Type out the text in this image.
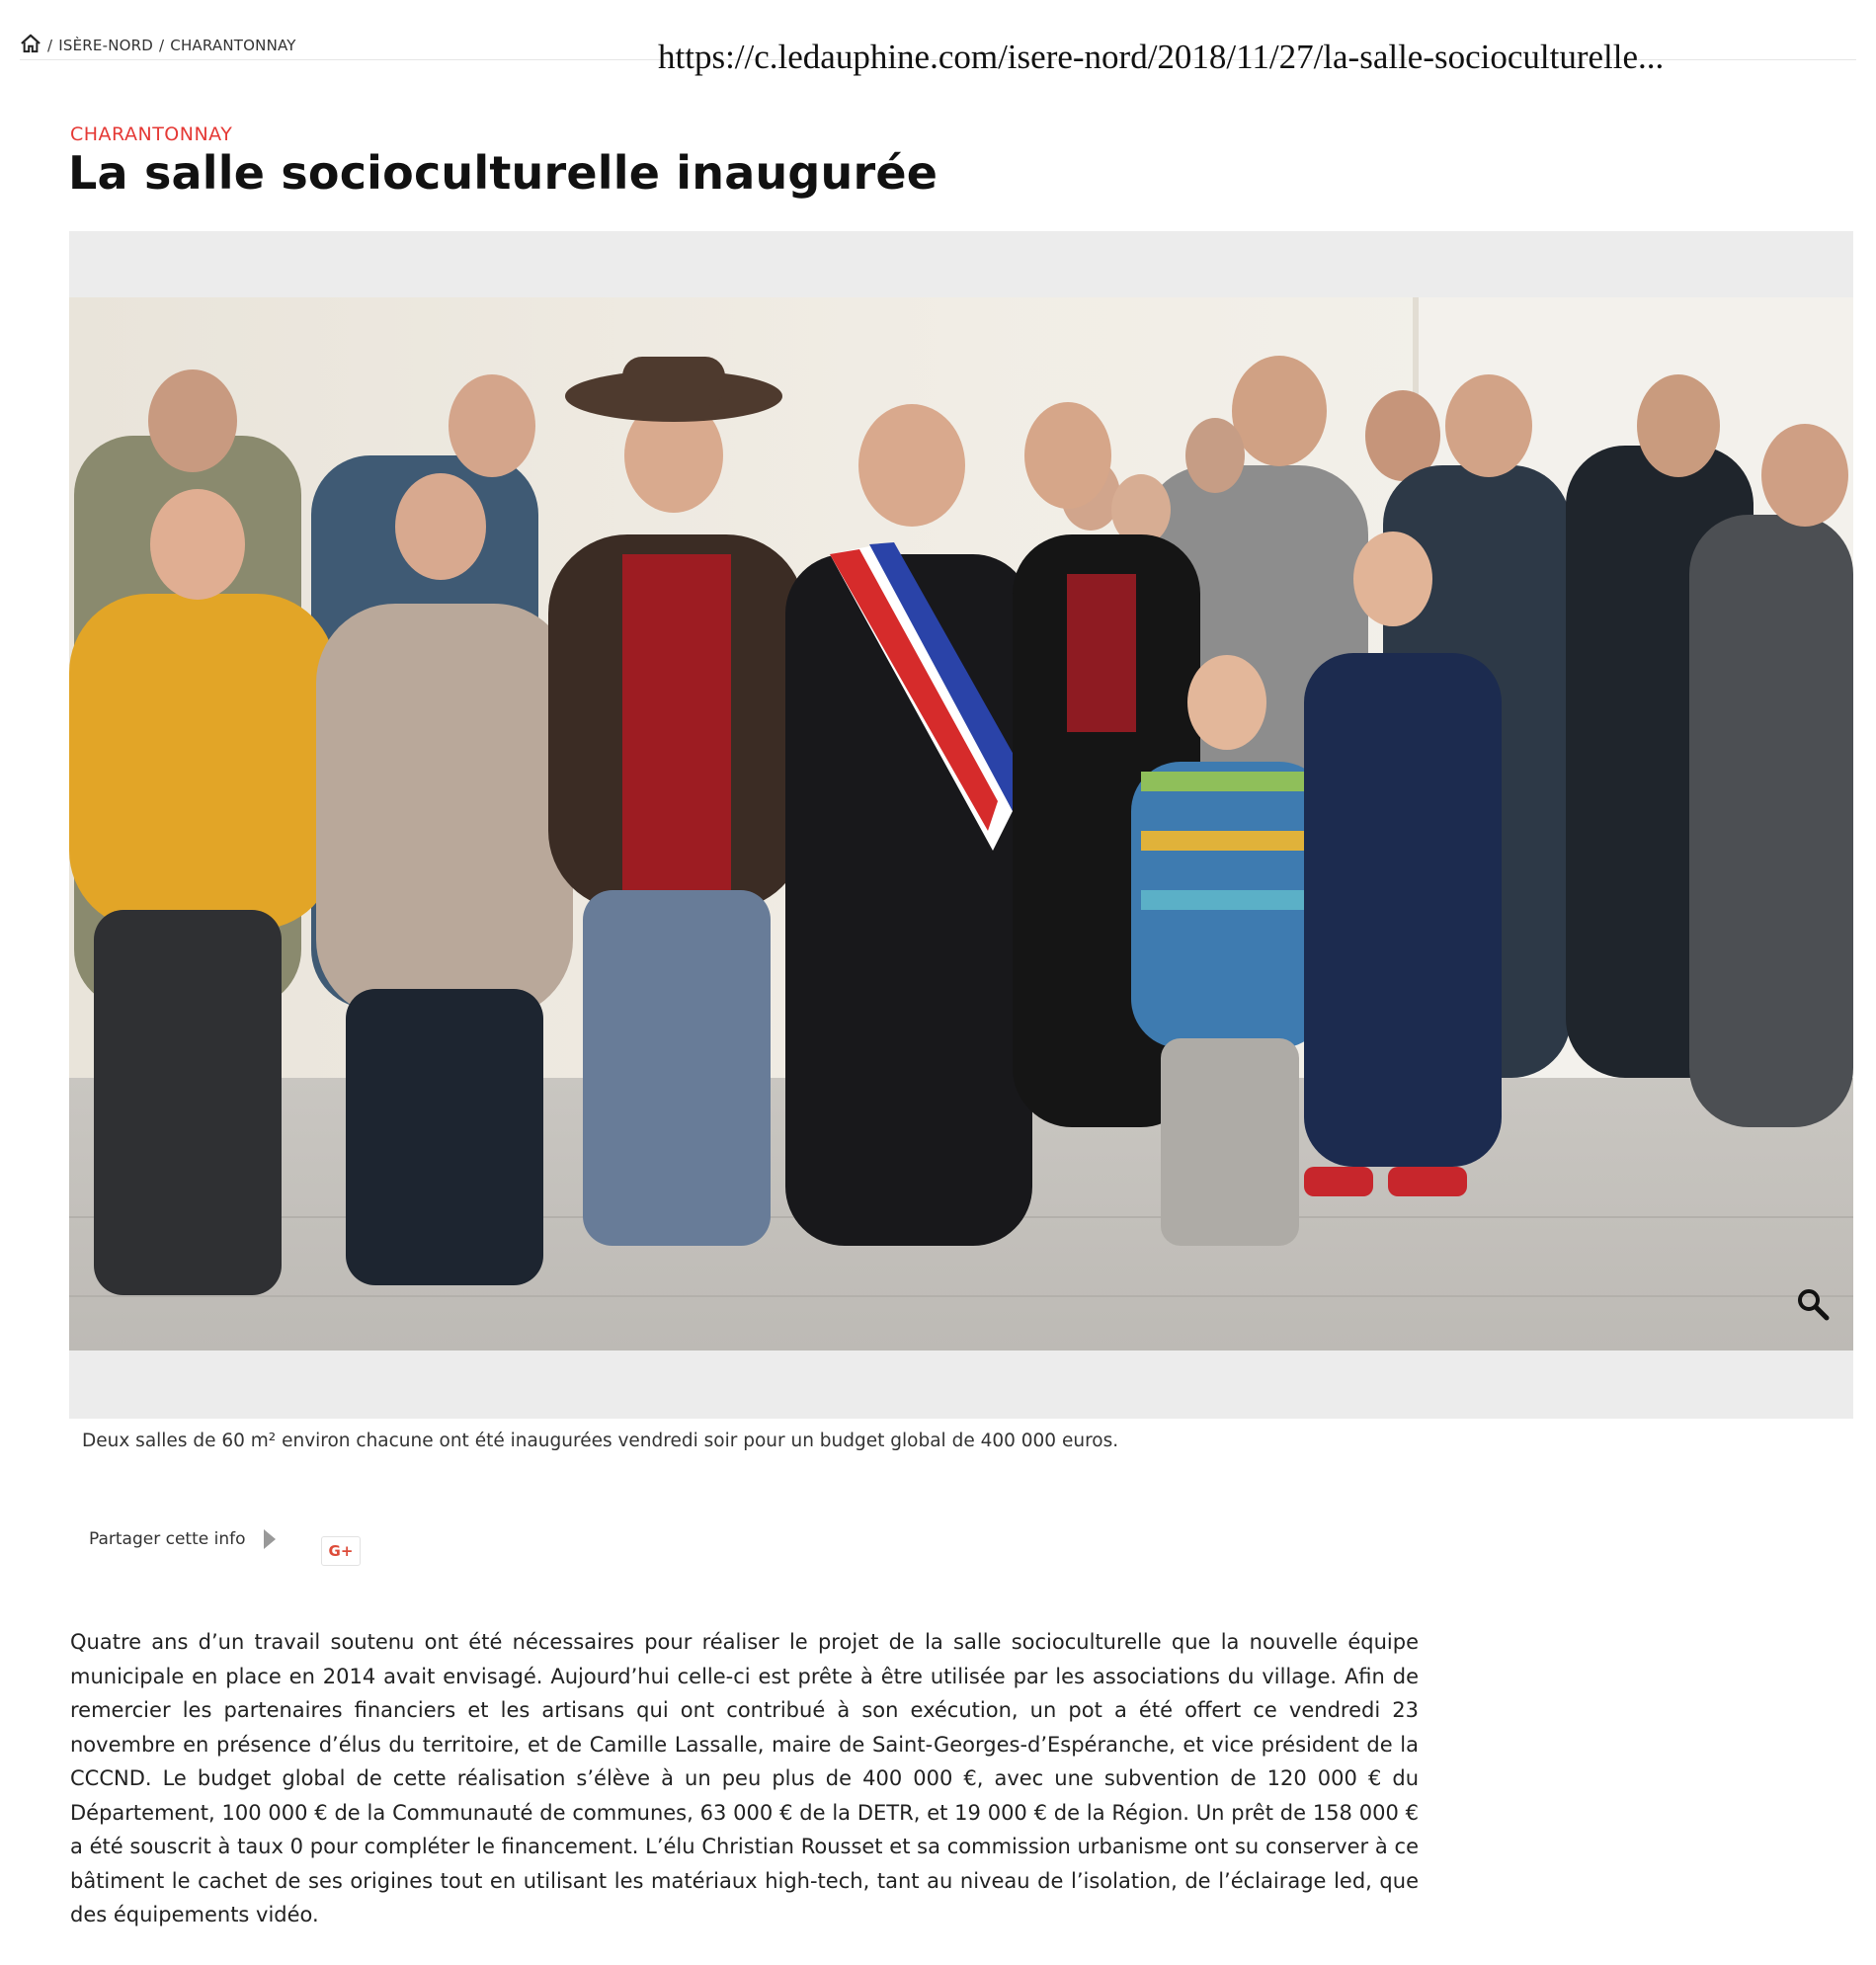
/ ISÈRE-NORD / CHARANTONNAY	https://c.ledauphine.com/isere-nord/2018/11/27/la-salle-socioculturelle...
CHARANTONNAY
La salle socioculturelle inaugurée
Deux salles de 60 m² environ chacune ont été inaugurées vendredi soir pour un budget global de 400 000 euros.
Partager cette info
G+

Quatre ans d’un travail soutenu ont été nécessaires pour réaliser le projet de la salle socioculturelle que la nouvelle équipe municipale en place en 2014 avait envisagé. Aujourd’hui celle-ci est prête à être utilisée par les associations du village. Afin de remercier les partenaires financiers et les artisans qui ont contribué à son exécution, un pot a été offert ce vendredi 23 novembre en présence d’élus du territoire, et de Camille Lassalle, maire de Saint-Georges-d’Espéranche, et vice président de la CCCND. Le budget global de cette réalisation s’élève à un peu plus de 400 000 €, avec une subvention de 120 000 € du Département, 100 000 € de la Communauté de communes, 63 000 € de la DETR, et 19 000 € de la Région. Un prêt de 158 000 € a été souscrit à taux 0 pour compléter le financement. L’élu Christian Rousset et sa commission urbanisme ont su conserver à ce bâtiment le cachet de ses origines tout en utilisant les matériaux high-tech, tant au niveau de l’isolation, de l’éclairage led, que des équipements vidéo.
